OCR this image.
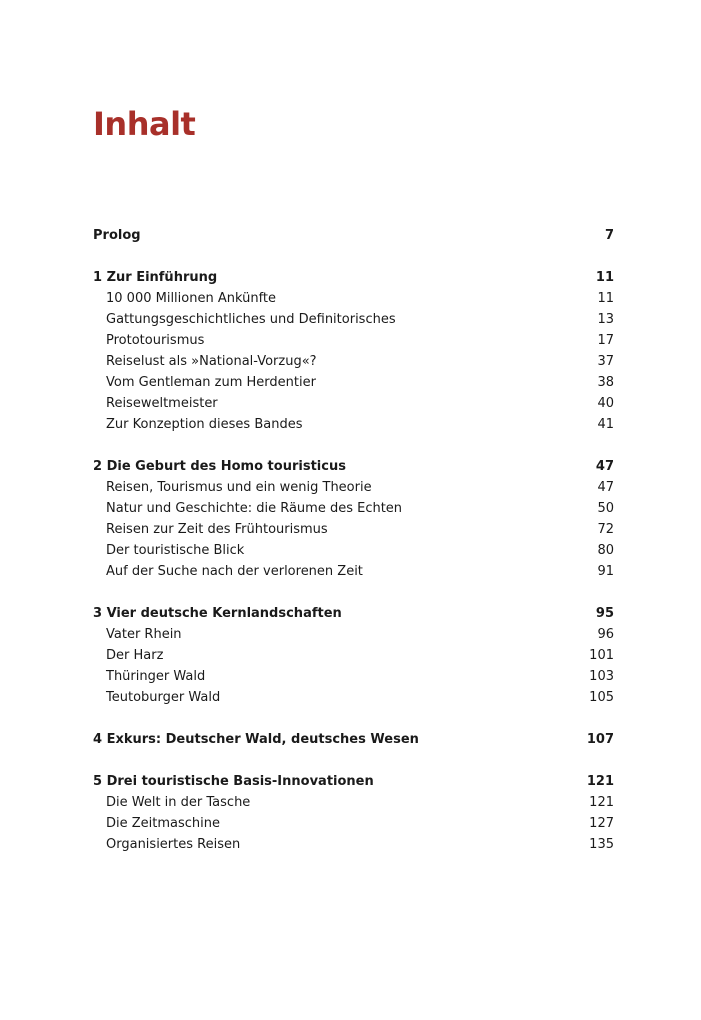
Inhalt
Prolog	7
1 Zur Einführung	11
10 000 Millionen Ankünfte	11
Gattungsgeschichtliches und Definitorisches	13
Prototourismus	17
Reiselust als »National-Vorzug«?	37
Vom Gentleman zum Herdentier	38
Reiseweltmeister	40
Zur Konzeption dieses Bandes	41
2 Die Geburt des Homo touristicus	47
Reisen, Tourismus und ein wenig Theorie	47
Natur und Geschichte: die Räume des Echten	50
Reisen zur Zeit des Frühtourismus	72
Der touristische Blick	80
Auf der Suche nach der verlorenen Zeit	91
3 Vier deutsche Kernlandschaften	95
Vater Rhein	96
Der Harz	101
Thüringer Wald	103
Teutoburger Wald	105
4 Exkurs: Deutscher Wald, deutsches Wesen	107
5 Drei touristische Basis-Innovationen	121
Die Welt in der Tasche	121
Die Zeitmaschine	127
Organisiertes Reisen	135
